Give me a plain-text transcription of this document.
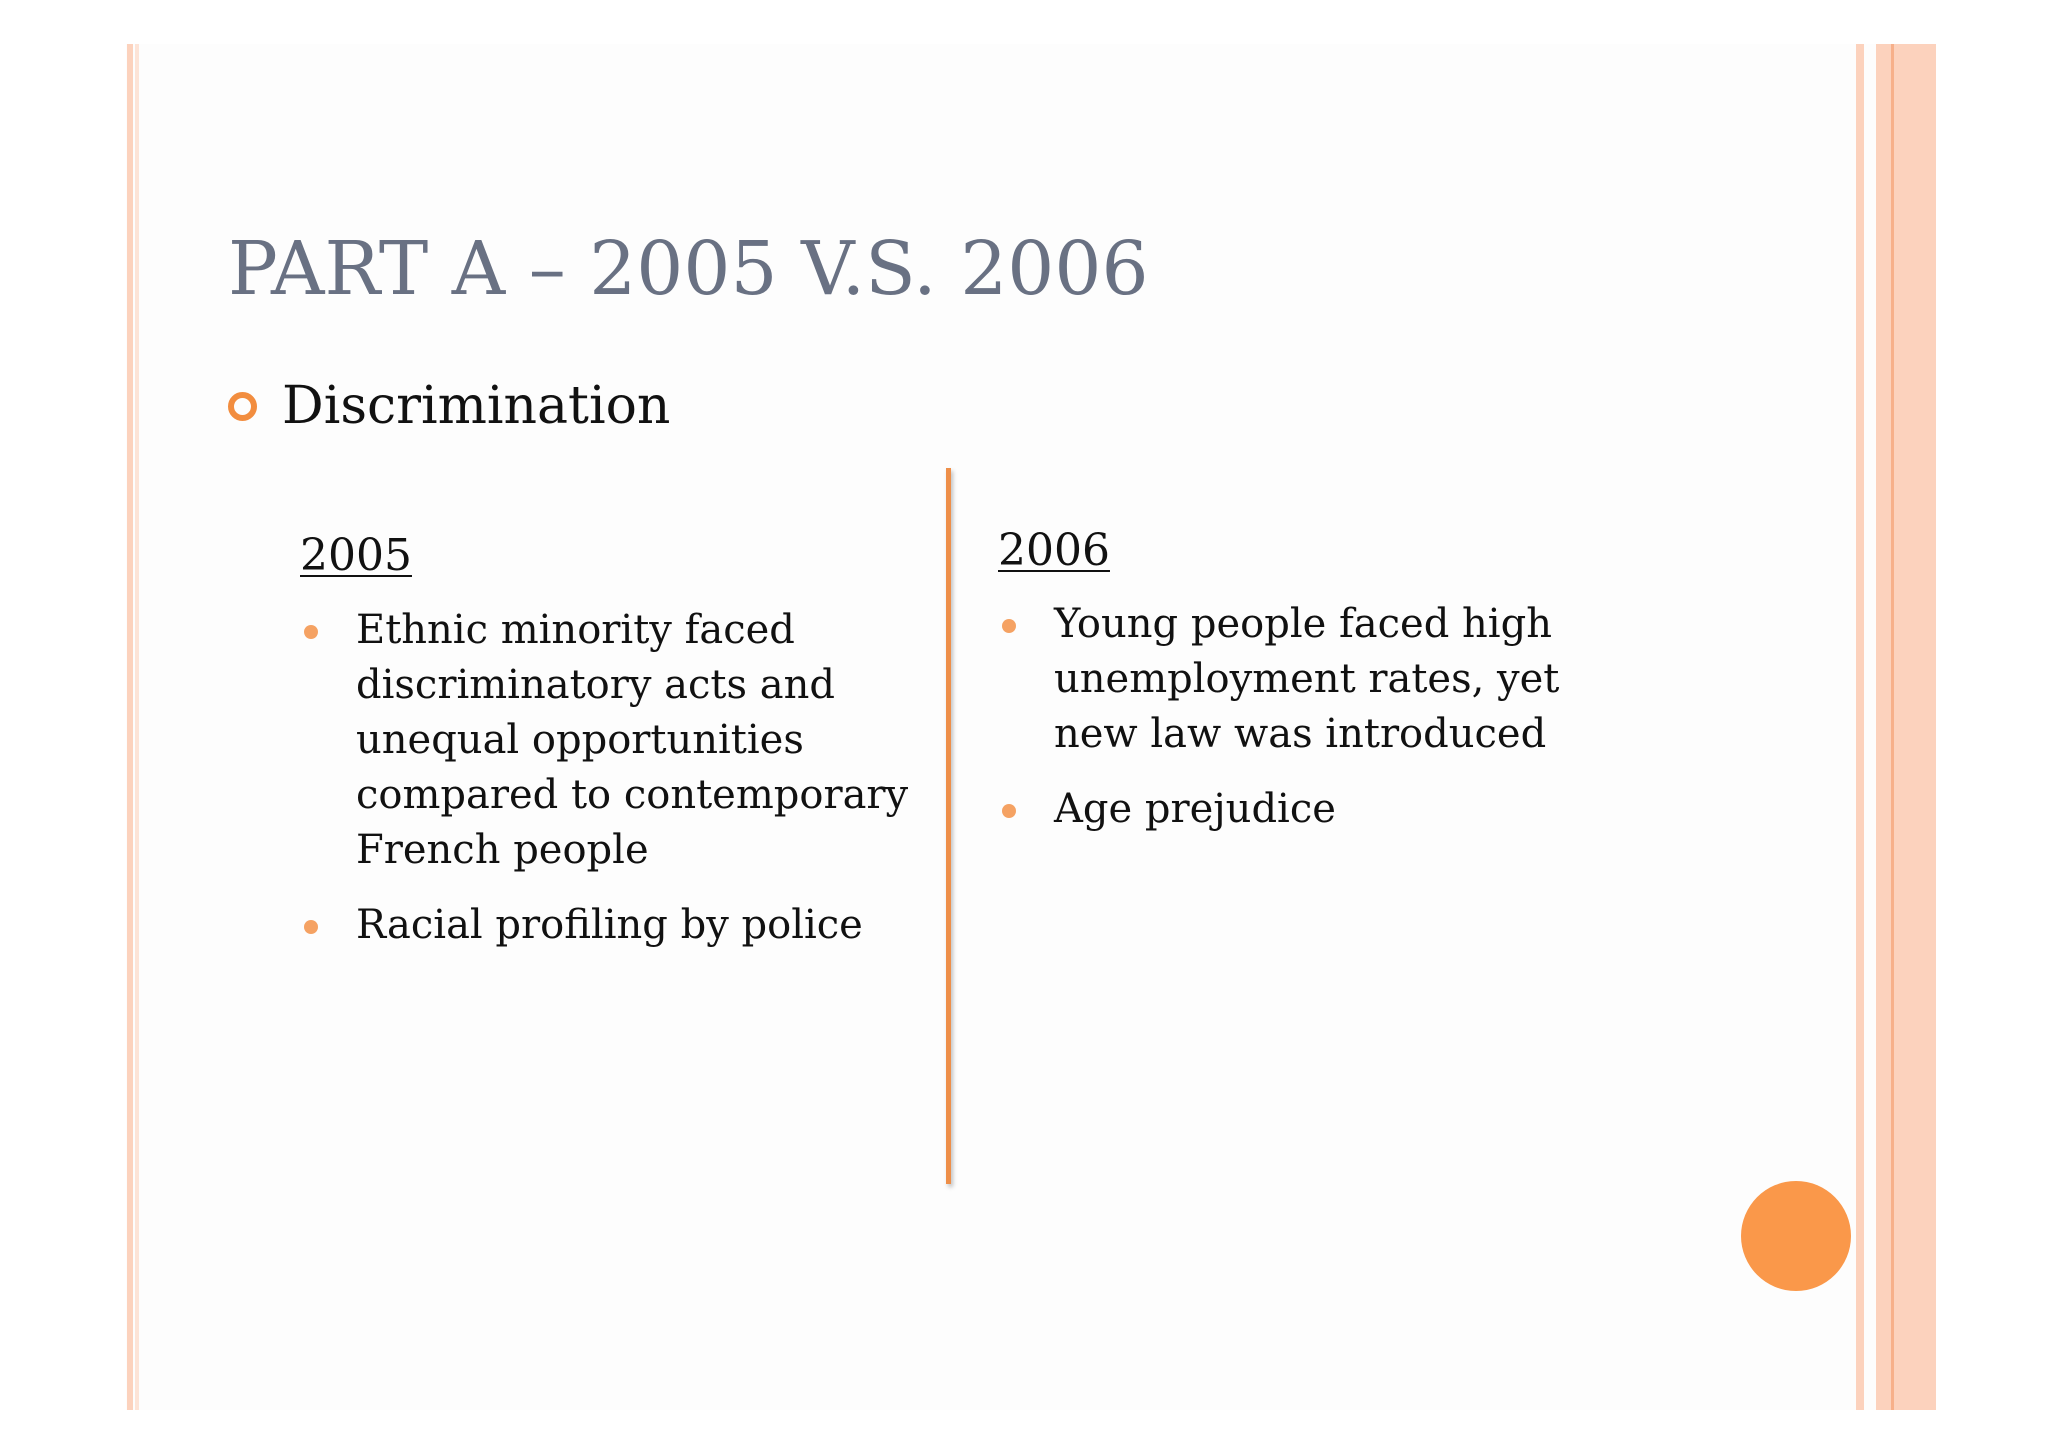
PART A – 2005 V.S. 2006
Discrimination
2005
Ethnic minority faced discriminatory acts and unequal opportunities compared to contemporary French people
Racial profiling by police
2006
Young people faced high unemployment rates, yet new law was introduced
Age prejudice
